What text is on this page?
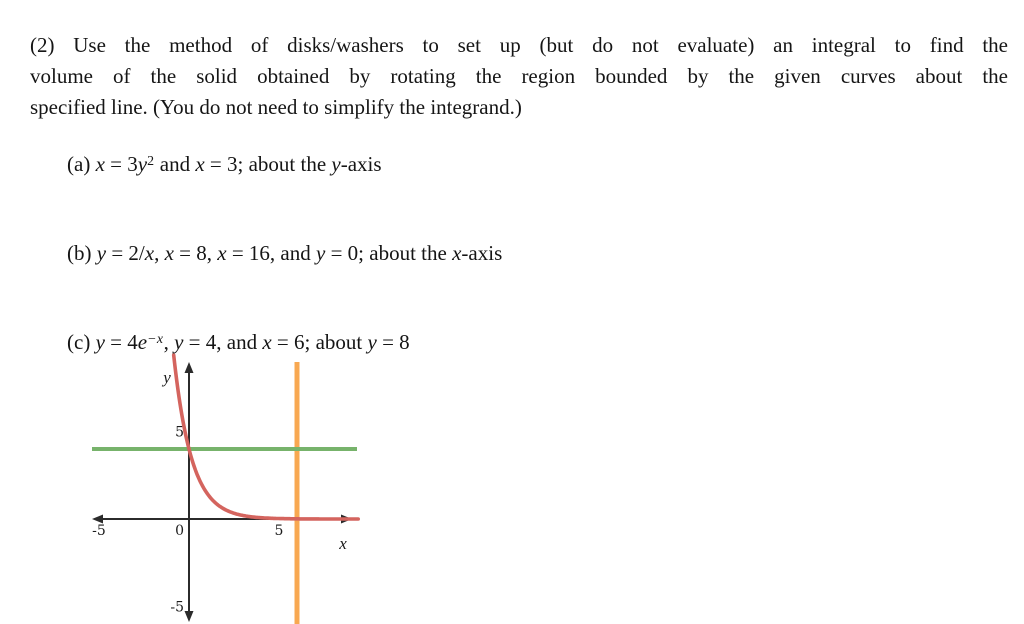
(2) Use the method of disks/washers to set up (but do not evaluate) an integral to find the
volume of the solid obtained by rotating the region bounded by the given curves about the
specified line. (You do not need to simplify the integrand.)
(a) $x = 3y^2$ and x = 3; about the y-axis
(b) y = 2/x, x = 8, x = 16, and y = 0; about the x-axis
(c) $y = 4e^{-x}$, y = 4, and x = 6; about y = 8
-5	0	5
5
-5
x
y
